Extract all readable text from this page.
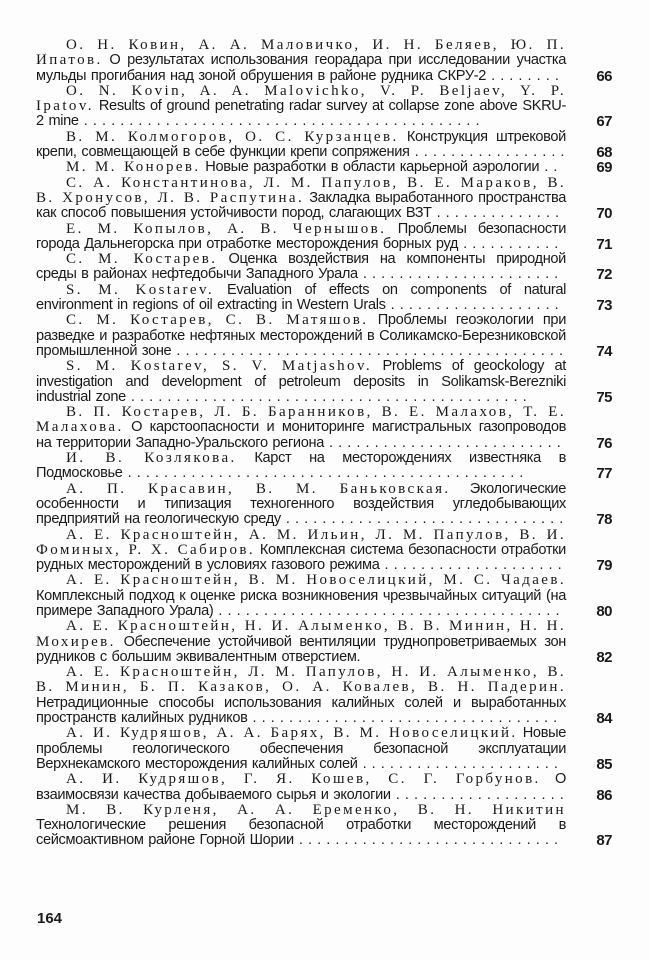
О. Н. Ковин, А. А. Маловичко, И. Н. Беляев, Ю. П. Ипатов. О результатах использования георадара при исследовании участка мульды прогибания над зоной обрушения в районе рудника СКРУ-2 . . . . . . . .	66
O. N. Kovin, A. A. Malovichko, V. P. Beljaev, Y. P. Ipatov. Results of ground penetrating radar survey at collapse zone above SKRU-2 mine . . . . . . . . . . . . . . . . . . . . . . . . . . . . . . . . . . . . . . . . . . . .	67
В. М. Колмогоров, О. С. Курзанцев. Конструкция штрековой крепи, совмещающей в себе функции крепи сопряжения . . . . . . . . . . . . . . . . . 68
М. М. Конорев. Новые разработки в области карьерной аэрологии . .	69
С. А. Константинова, Л. М. Папулов, В. Е. Мараков, В. В. Хронусов, Л. В. Распутина. Закладка выработанного пространства как способ повышения устойчивости пород, слагающих ВЗТ . . . . . . . . . . . . . .	70
Е. М. Копылов, А. В. Чернышов. Проблемы безопасности города Дальнегорска при отработке месторождения борных руд . . . . . . . . . . .	71
С. М. Костарев. Оценка воздействия на компоненты природной среды в районах нефтедобычи Западного Урала . . . . . . . . . . . . . . . . . . . . . .	72
S. M. Kostarev. Evaluation of effects on components of natural environment in regions of oil extracting in Western Urals . . . . . . . . . . . . . . . . . . .	73
С. М. Костарев, С. В. Матяшов. Проблемы геоэкологии при разведке и разработке нефтяных месторождений в Соликамско-Березниковской промышленной зоне . . . . . . . . . . . . . . . . . . . . . . . . . . . . . . . . . . . . . . . . . . . 74
S. M. Kostarev, S. V. Matjashov. Problems of geockology at investigation and development of petroleum deposits in Solikamsk-Berezniki industrial zone . . . . . . . . . . . . . . . . . . . . . . . . . . . . . . . . . . . . . . . . . . . .	75
В. П. Костарев, Л. Б. Баранников, В. Е. Малахов, Т. Е. Малахова. О карстоопасности и мониторинге магистральных газопроводов на территории Западно-Уральского региона . . . . . . . . . . . . . . . . . . . . . . . . . .	76
И. В. Козлякова. Карст на месторождениях известняка в Подмосковье . . . . . . . . . . . . . . . . . . . . . . . . . . . . . . . . . . . . . . . . . . . .	77
А. П. Красавин, В. М. Баньковская. Экологические особенности и типизация техногенного воздействия угледобывающих предприятий на геологическую среду . . . . . . . . . . . . . . . . . . . . . . . . . . . . . . . 78
А. Е. Красноштейн, А. М. Ильин, Л. М. Папулов, В. И. Фоминых, Р. Х. Сабиров. Комплексная система безопасности отработки рудных месторождений в условиях газового режима . . . . . . . . . . . . . . . . . . . . 79
А. Е. Красноштейн, В. М. Новоселицкий, М. С. Чадаев. Комплексный подход к оценке риска возникновения чрезвычайных ситуаций (на примере Западного Урала) . . . . . . . . . . . . . . . . . . . . . . . . . . . . . . . . . . . . . .	80
А. Е. Красноштейн, Н. И. Алыменко, В. В. Минин, Н. Н. Мохирев. Обеспечение устойчивой вентиляции труднопроветриваемых зон рудников с большим эквивалентным отверстием.	82
А. Е. Красноштейн, Л. М. Папулов, Н. И. Алыменко, В. В. Минин, Б. П. Казаков, О. А. Ковалев, В. Н. Падерин. Нетрадиционные способы использования калийных солей и выработанных пространств калийных рудников . . . . . . . . . . . . . . . . . . . . . . . . . . . . . . . . . .	84
А. И. Кудряшов, А. А. Барях, В. М. Новоселицкий. Новые проблемы геологического обеспечения безопасной эксплуатации Верхнекамского месторождения калийных солей . . . . . . . . . . . . . . . . . . . . . .	85
А. И. Кудряшов, Г. Я. Кошев, С. Г. Горбунов. О взаимосвязи качества добываемого сырья и экологии . . . . . . . . . . . . . . . . . . . 86
М. В. Курленя, А. А. Еременко, В. Н. Никитин Технологические решения безопасной отработки месторождений в сейсмоактивном районе Горной Шории . . . . . . . . . . . . . . . . . . . . . . . . . . . . .	87
164
